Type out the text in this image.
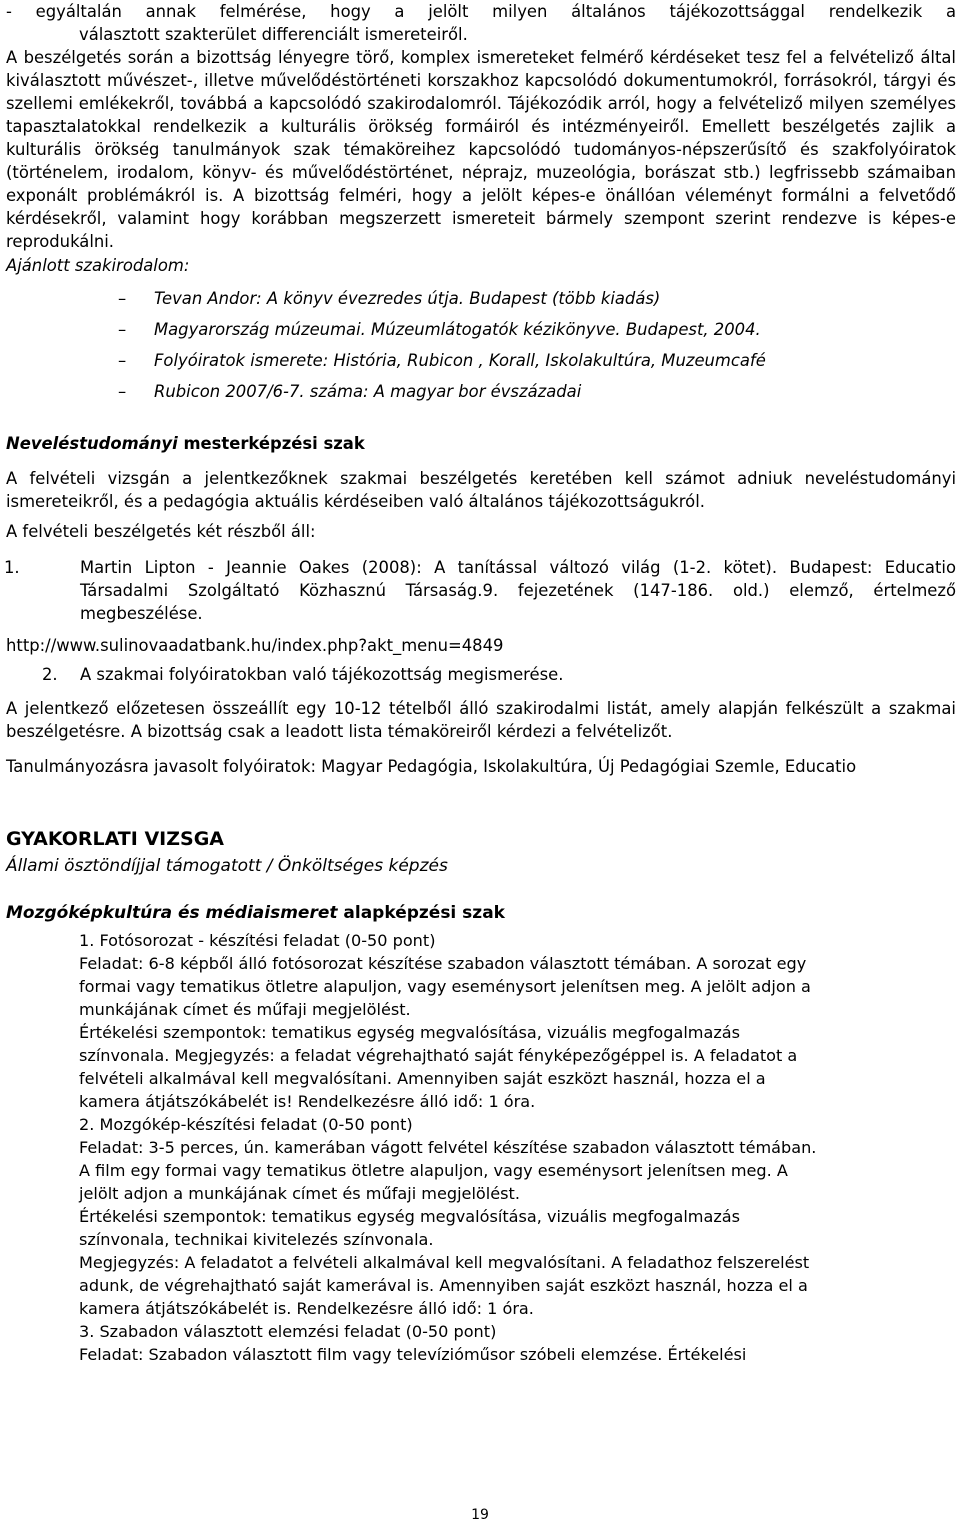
- egyáltalán annak felmérése, hogy a jelölt milyen általános tájékozottsággal rendelkezik a

választott szakterület differenciált ismereteiről.

A beszélgetés során a bizottság lényegre törő, komplex ismereteket felmérő kérdéseket tesz fel a felvételiző által kiválasztott művészet-, illetve művelődéstörténeti korszakhoz kapcsolódó dokumentumokról, forrásokról, tárgyi és szellemi emlékekről, továbbá a kapcsolódó szakirodalomról. Tájékozódik arról, hogy a felvételiző milyen személyes tapasztalatokkal rendelkezik a kulturális örökség formáiról és intézményeiről. Emellett beszélgetés zajlik a kulturális örökség tanulmányok szak témaköreihez kapcsolódó tudományos-népszerűsítő és szakfolyóiratok (történelem, irodalom, könyv- és művelődéstörténet, néprajz, muzeológia, borászat stb.) legfrissebb számaiban exponált problémákról is. A bizottság felméri, hogy a jelölt képes-e önállóan véleményt formálni a felvetődő kérdésekről, valamint hogy korábban megszerzett ismereteit bármely szempont szerint rendezve is képes-e reprodukálni.

Ajánlott szakirodalom:

– Tevan Andor: A könyv évezredes útja. Budapest (több kiadás)
– Magyarország múzeumai. Múzeumlátogatók kézikönyve. Budapest, 2004.
– Folyóiratok ismerete: História, Rubicon , Korall, Iskolakultúra, Muzeumcafé
– Rubicon 2007/6-7. száma: A magyar bor évszázadai

Neveléstudományi mesterképzési szak

A felvételi vizsgán a jelentkezőknek szakmai beszélgetés keretében kell számot adniuk neveléstudományi ismereteikről, és a pedagógia aktuális kérdéseiben való általános tájékozottságukról.

A felvételi beszélgetés két részből áll:

1.	Martin Lipton - Jeannie Oakes (2008): A tanítással változó világ (1-2. kötet). Budapest: Educatio Társadalmi Szolgáltató Közhasznú Társaság.9. fejezetének (147-186. old.) elemző, értelmező megbeszélése.

http://www.sulinovaadatbank.hu/index.php?akt_menu=4849

2. A szakmai folyóiratokban való tájékozottság megismerése.

A jelentkező előzetesen összeállít egy 10-12 tételből álló szakirodalmi listát, amely alapján felkészült a szakmai beszélgetésre. A bizottság csak a leadott lista témaköreiről kérdezi a felvételizőt.

Tanulmányozásra javasolt folyóiratok: Magyar Pedagógia, Iskolakultúra, Új Pedagógiai Szemle, Educatio

GYAKORLATI VIZSGA

Állami ösztöndíjjal támogatott / Önköltséges képzés

Mozgóképkultúra és médiaismeret alapképzési szak

1. Fotósorozat - készítési feladat (0-50 pont)

Feladat: 6-8 képből álló fotósorozat készítése szabadon választott témában. A sorozat egy

formai vagy tematikus ötletre alapuljon, vagy eseménysort jelenítsen meg. A jelölt adjon a

munkájának címet és műfaji megjelölést.

Értékelési szempontok: tematikus egység megvalósítása, vizuális megfogalmazás

színvonala. Megjegyzés: a feladat végrehajtható saját fényképezőgéppel is. A feladatot a

felvételi alkalmával kell megvalósítani. Amennyiben saját eszközt használ, hozza el a

kamera átjátszókábelét is! Rendelkezésre álló idő: 1 óra.

2. Mozgókép-készítési feladat (0-50 pont)

Feladat: 3-5 perces, ún. kamerában vágott felvétel készítése szabadon választott témában.

A film egy formai vagy tematikus ötletre alapuljon, vagy eseménysort jelenítsen meg. A

jelölt adjon a munkájának címet és műfaji megjelölést.

Értékelési szempontok: tematikus egység megvalósítása, vizuális megfogalmazás

színvonala, technikai kivitelezés színvonala.

Megjegyzés: A feladatot a felvételi alkalmával kell megvalósítani. A feladathoz felszerelést

adunk, de végrehajtható saját kamerával is. Amennyiben saját eszközt használ, hozza el a

kamera átjátszókábelét is. Rendelkezésre álló idő: 1 óra.

3. Szabadon választott elemzési feladat (0-50 pont)

Feladat: Szabadon választott film vagy televízióműsor szóbeli elemzése. Értékelési

19
